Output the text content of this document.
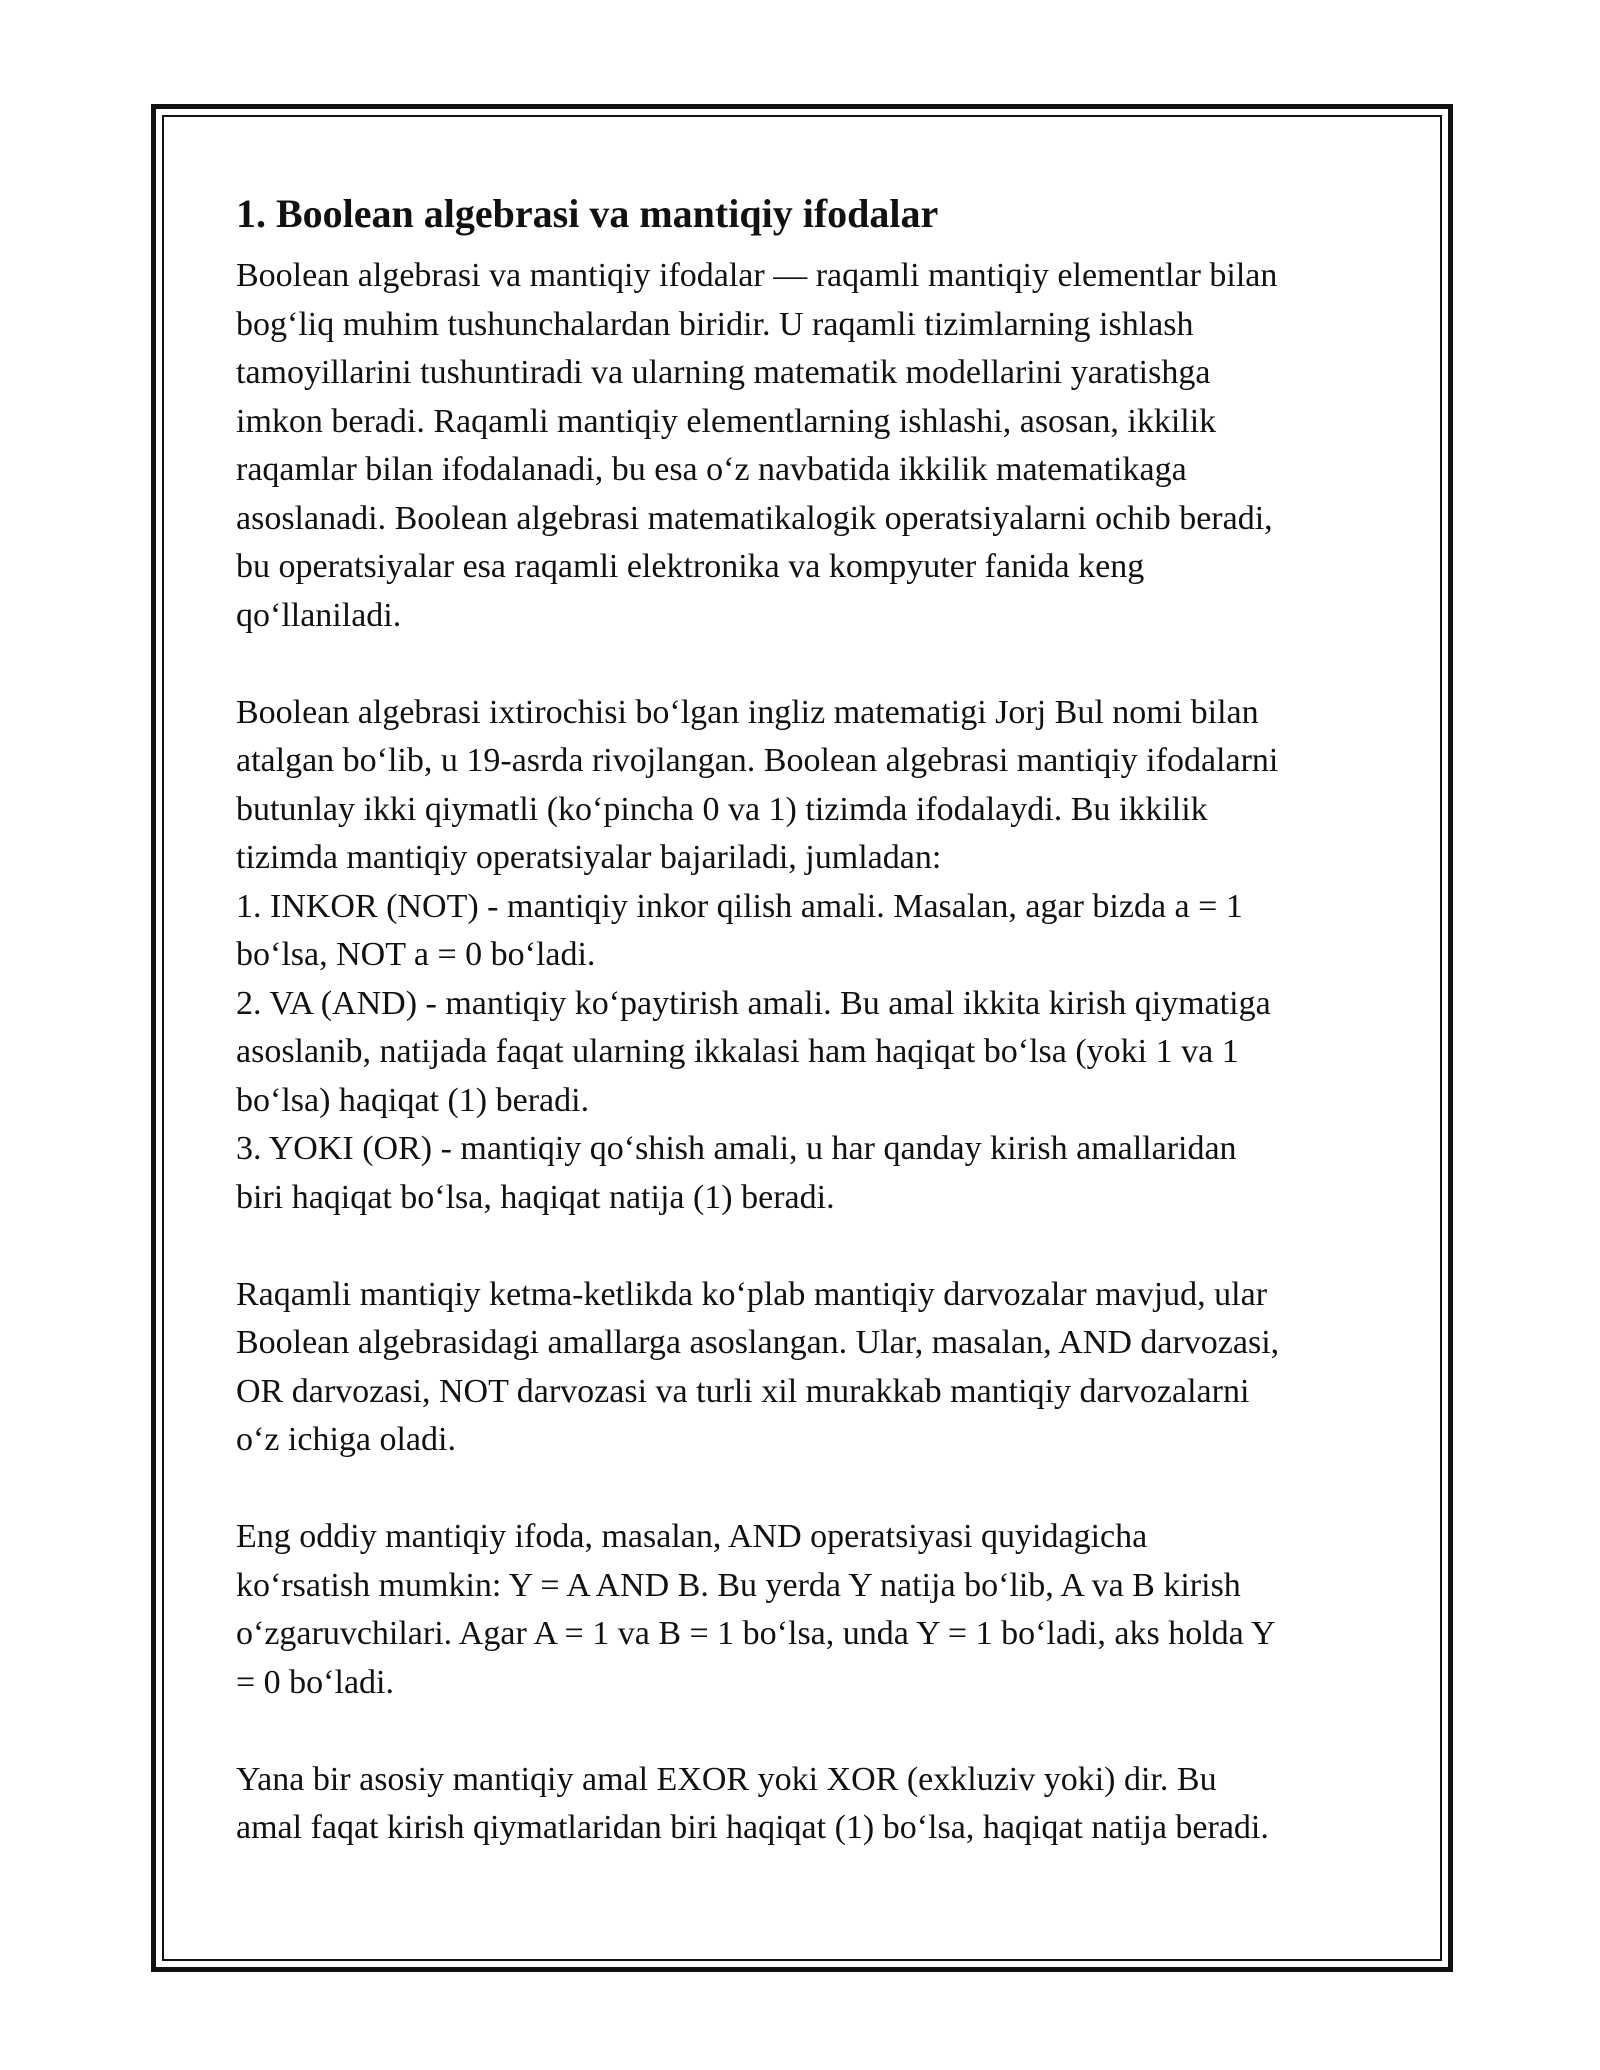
1. Boolean algebrasi va mantiqiy ifodalar
Boolean algebrasi va mantiqiy ifodalar — raqamli mantiqiy elementlar bilan
bog‘liq muhim tushunchalardan biridir. U raqamli tizimlarning ishlash
tamoyillarini tushuntiradi va ularning matematik modellarini yaratishga
imkon beradi. Raqamli mantiqiy elementlarning ishlashi, asosan, ikkilik
raqamlar bilan ifodalanadi, bu esa o‘z navbatida ikkilik matematikaga
asoslanadi. Boolean algebrasi matematikalogik operatsiyalarni ochib beradi,
bu operatsiyalar esa raqamli elektronika va kompyuter fanida keng
qo‘llaniladi.
Boolean algebrasi ixtirochisi bo‘lgan ingliz matematigi Jorj Bul nomi bilan
atalgan bo‘lib, u 19-asrda rivojlangan. Boolean algebrasi mantiqiy ifodalarni
butunlay ikki qiymatli (ko‘pincha 0 va 1) tizimda ifodalaydi. Bu ikkilik
tizimda mantiqiy operatsiyalar bajariladi, jumladan:
1. INKOR (NOT) - mantiqiy inkor qilish amali. Masalan, agar bizda a = 1
bo‘lsa, NOT a = 0 bo‘ladi.
2. VA (AND) - mantiqiy ko‘paytirish amali. Bu amal ikkita kirish qiymatiga
asoslanib, natijada faqat ularning ikkalasi ham haqiqat bo‘lsa (yoki 1 va 1
bo‘lsa) haqiqat (1) beradi.
3. YOKI (OR) - mantiqiy qo‘shish amali, u har qanday kirish amallaridan
biri haqiqat bo‘lsa, haqiqat natija (1) beradi.
Raqamli mantiqiy ketma-ketlikda ko‘plab mantiqiy darvozalar mavjud, ular
Boolean algebrasidagi amallarga asoslangan. Ular, masalan, AND darvozasi,
OR darvozasi, NOT darvozasi va turli xil murakkab mantiqiy darvozalarni
o‘z ichiga oladi.
Eng oddiy mantiqiy ifoda, masalan, AND operatsiyasi quyidagicha
ko‘rsatish mumkin: Y = A AND B. Bu yerda Y natija bo‘lib, A va B kirish
o‘zgaruvchilari. Agar A = 1 va B = 1 bo‘lsa, unda Y = 1 bo‘ladi, aks holda Y
= 0 bo‘ladi.
Yana bir asosiy mantiqiy amal EXOR yoki XOR (exkluziv yoki) dir. Bu
amal faqat kirish qiymatlaridan biri haqiqat (1) bo‘lsa, haqiqat natija beradi.
